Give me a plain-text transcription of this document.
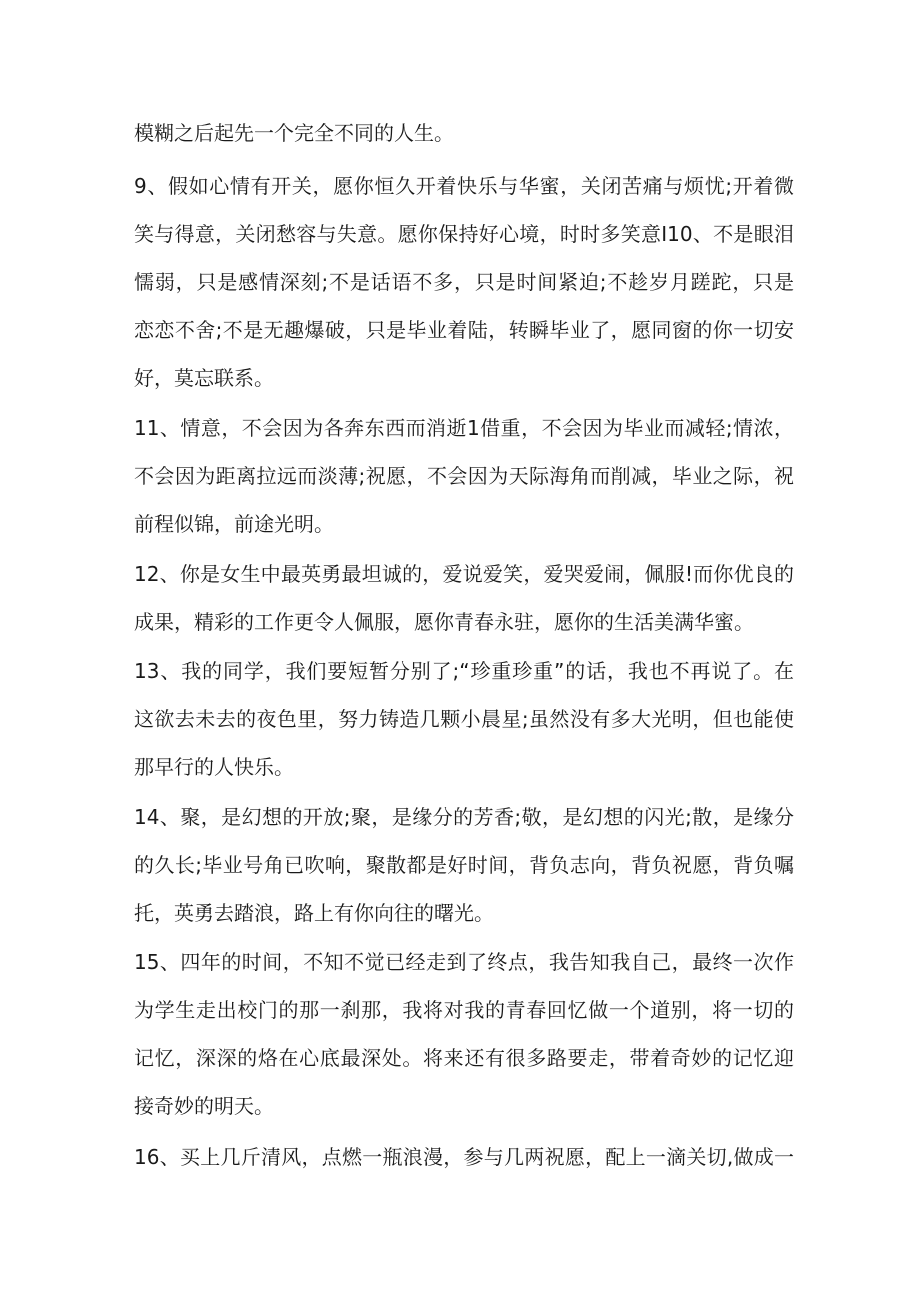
模糊之后起先一个完全不同的人生。
9、假如心情有开关，愿你恒久开着快乐与华蜜，关闭苦痛与烦忧;开着微
笑与得意，关闭愁容与失意。愿你保持好心境，时时多笑意I10、不是眼泪
懦弱，只是感情深刻;不是话语不多，只是时间紧迫;不趁岁月蹉跎，只是
恋恋不舍;不是无趣爆破，只是毕业着陆，转瞬毕业了，愿同窗的你一切安
好，莫忘联系。
11、情意，不会因为各奔东西而消逝1借重，不会因为毕业而减轻;情浓，
不会因为距离拉远而淡薄;祝愿，不会因为天际海角而削减，毕业之际，祝
前程似锦，前途光明。
12、你是女生中最英勇最坦诚的，爱说爱笑，爱哭爱闹，佩服!而你优良的
成果，精彩的工作更令人佩服，愿你青春永驻，愿你的生活美满华蜜。
13、我的同学，我们要短暂分别了;“珍重珍重”的话，我也不再说了。在
这欲去未去的夜色里，努力铸造几颗小晨星;虽然没有多大光明，但也能使
那早行的人快乐。
14、聚，是幻想的开放;聚，是缘分的芳香;敬，是幻想的闪光;散，是缘分
的久长;毕业号角已吹响，聚散都是好时间，背负志向，背负祝愿，背负嘱
托，英勇去踏浪，路上有你向往的曙光。
15、四年的时间，不知不觉已经走到了终点，我告知我自己，最终一次作
为学生走出校门的那一刹那，我将对我的青春回忆做一个道别，将一切的
记忆，深深的烙在心底最深处。将来还有很多路要走，带着奇妙的记忆迎
接奇妙的明天。
16、买上几斤清风，点燃一瓶浪漫，参与几两祝愿，配上一滴关切,做成一
